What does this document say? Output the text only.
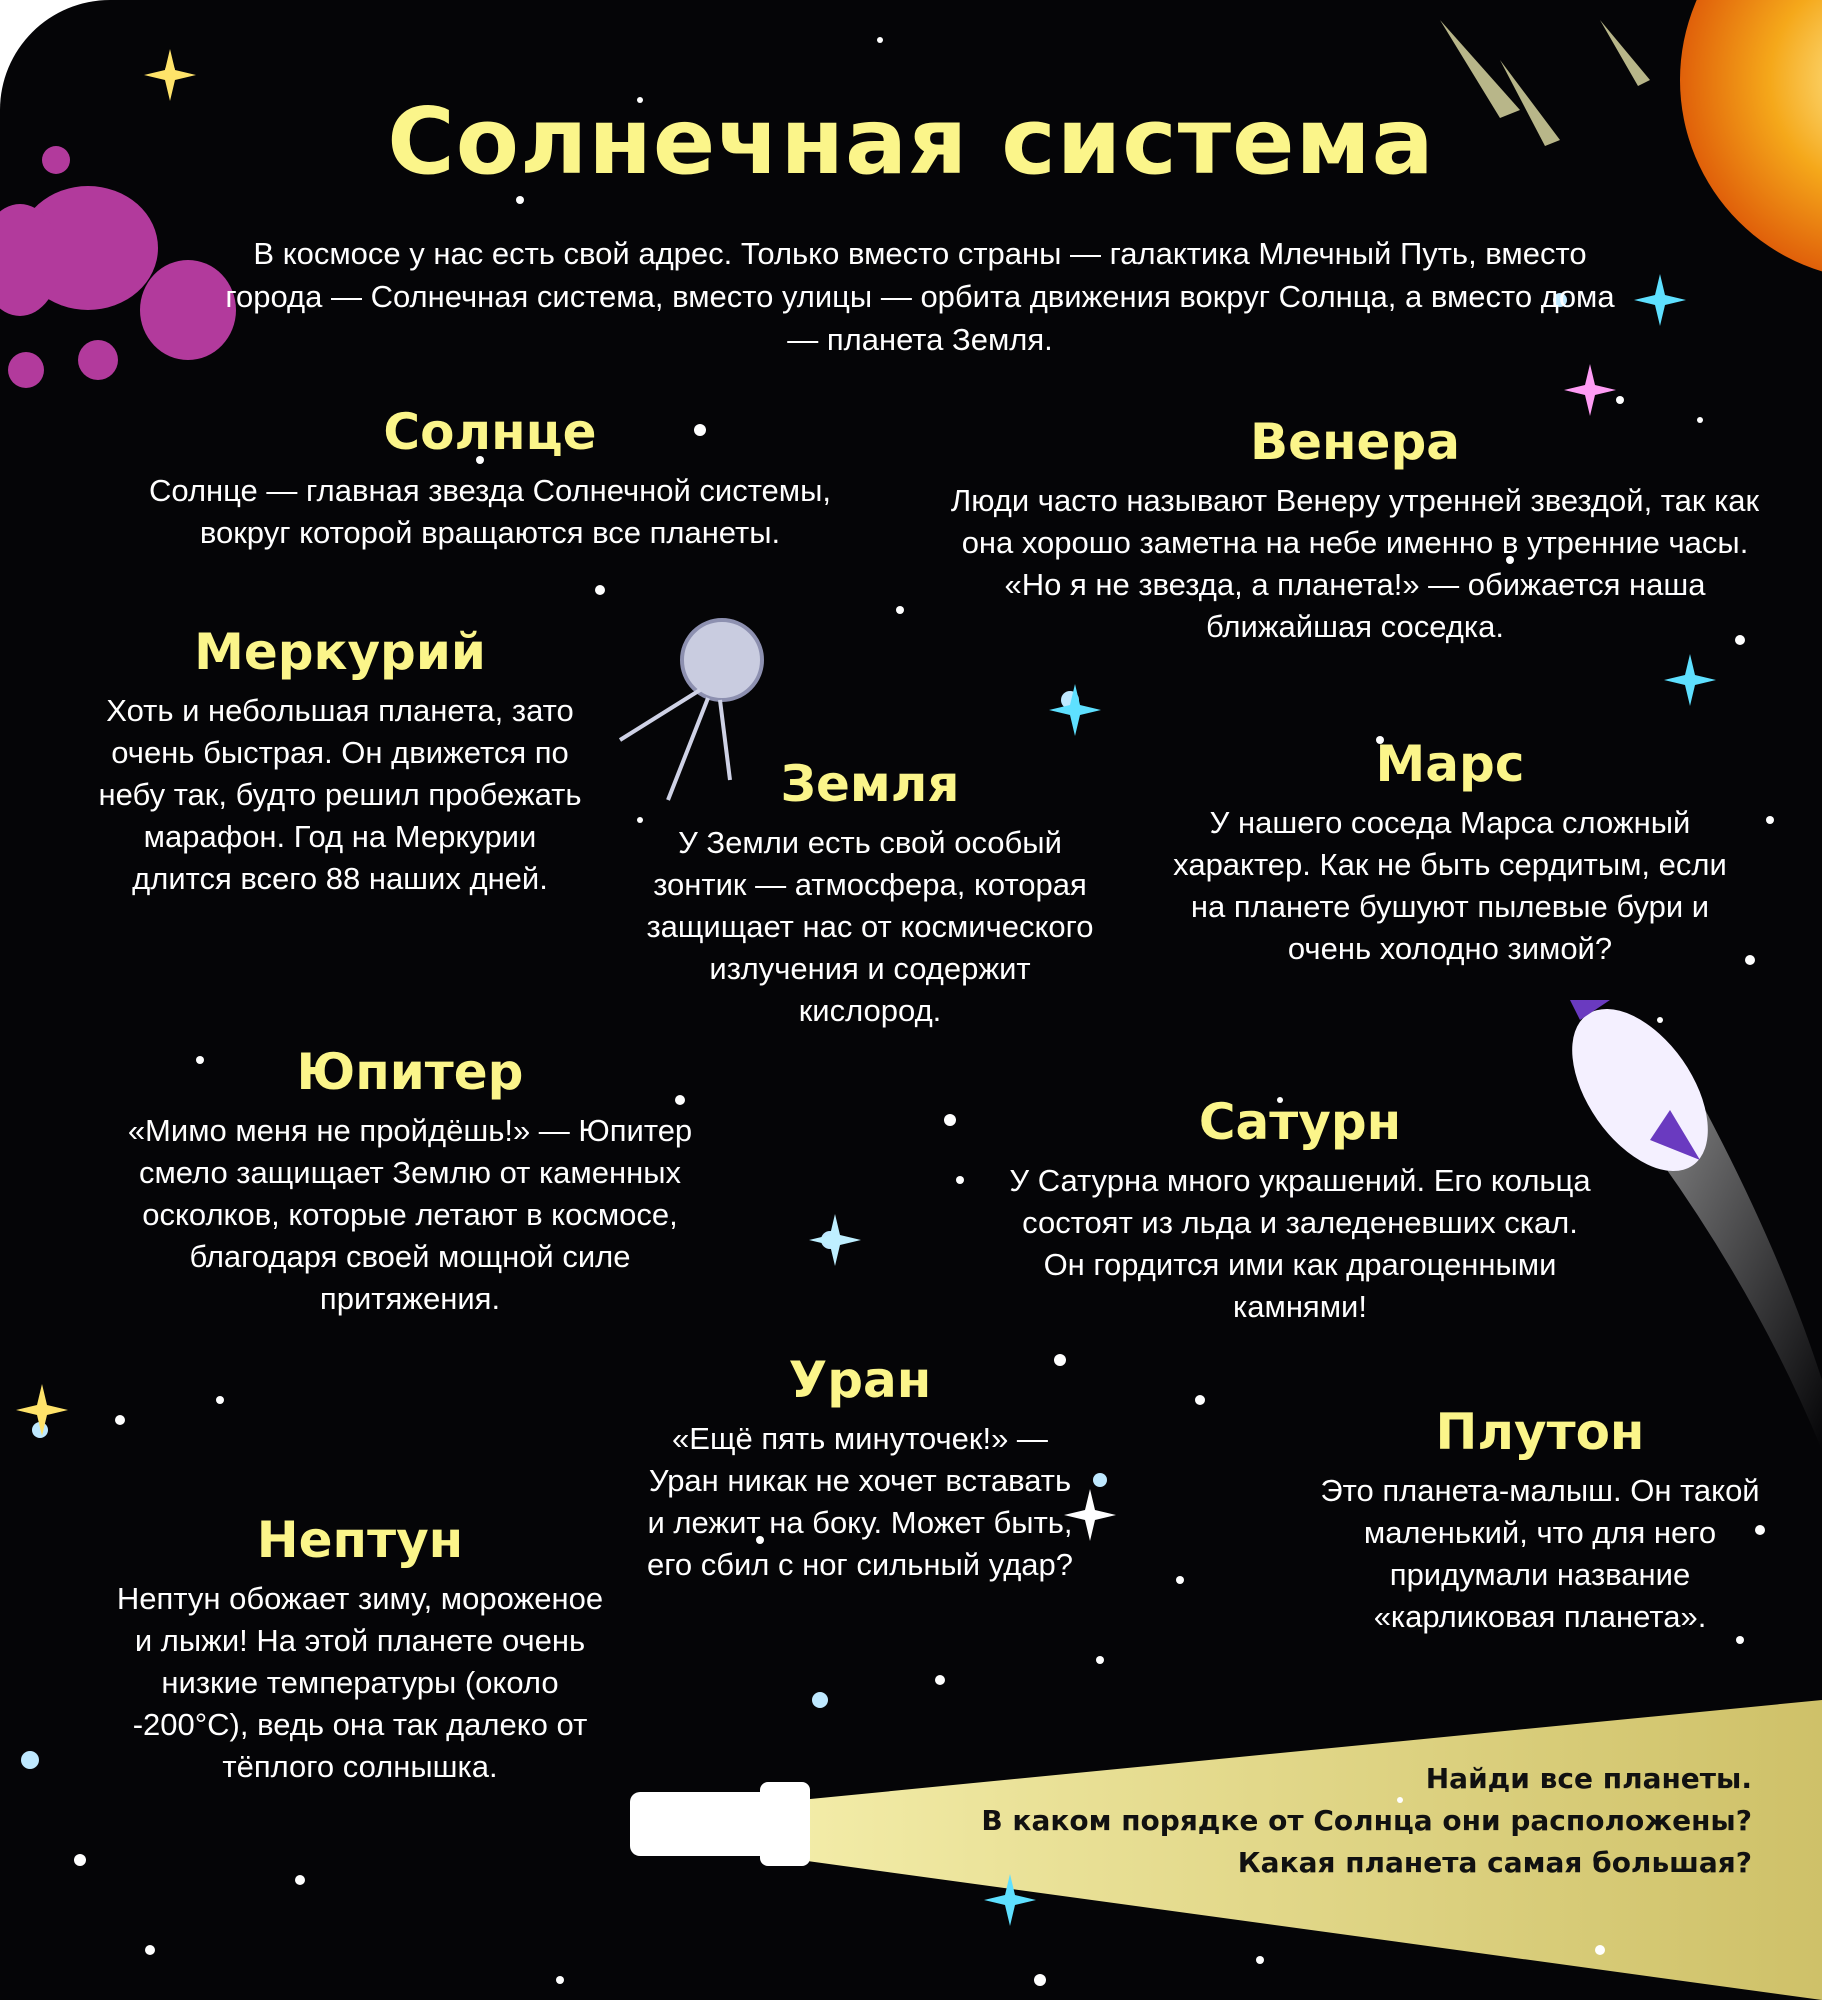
Солнечная система

В космосе у нас есть свой адрес. Только вместо страны — галактика Млечный Путь, вместо города — Солнечная система, вместо улицы — орбита движения вокруг Солнца, а вместо дома — планета Земля.

Солнце

Солнце — главная звезда Солнечной системы, вокруг которой вращаются все планеты.

Венера

Люди часто называют Венеру утренней звездой, так как она хорошо заметна на небе именно в утренние часы. «Но я не звезда, а планета!» — обижается наша ближайшая соседка.

Меркурий

Хоть и небольшая планета, зато очень быстрая. Он движется по небу так, будто решил пробежать марафон. Год на Меркурии длится всего 88 наших дней.

Земля

У Земли есть свой особый зонтик — атмосфера, которая защищает нас от космического излучения и содержит кислород.

Марс

У нашего соседа Марса сложный характер. Как не быть сердитым, если на планете бушуют пылевые бури и очень холодно зимой?

Юпитер

«Мимо меня не пройдёшь!» — Юпитер смело защищает Землю от каменных осколков, которые летают в космосе, благодаря своей мощной силе притяжения.

Сатурн

У Сатурна много украшений. Его кольца состоят из льда и заледеневших скал. Он гордится ими как драгоценными камнями!

Уран

«Ещё пять минуточек!» — Уран никак не хочет вставать и лежит на боку. Может быть, его сбил с ног сильный удар?

Плутон

Это планета-малыш. Он такой маленький, что для него придумали название «карликовая планета».

Нептун

Нептун обожает зиму, мороженое и лыжи! На этой планете очень низкие температуры (около -200°C), ведь она так далеко от тёплого солнышка.	Найди все планеты.
В каком порядке от Солнца они расположены?
Какая планета самая большая?
